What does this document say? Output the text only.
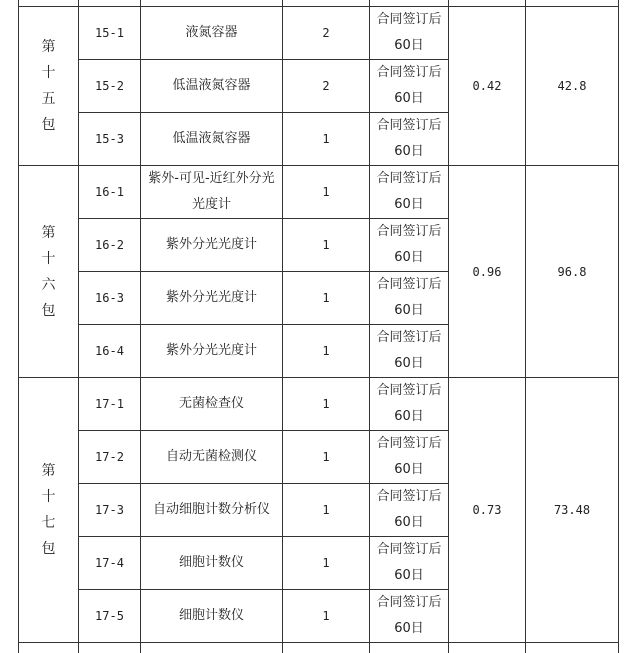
第十五包	15-1	液氮容器	2	合同签订后
60日	0.42	42.8
	15-2	低温液氮容器	2	合同签订后
60日		

	15-3	低温液氮容器	1	合同签订后
60日		

第十六包	16-1	紫外-可见-近红外分光光度计	1	合同签订后
60日	0.96	96.8
	16-2	紫外分光光度计	1	合同签订后
60日		

	16-3	紫外分光光度计	1	合同签订后
60日		

	16-4	紫外分光光度计	1	合同签订后
60日		

第十七包	17-1	无菌检查仪	1	合同签订后
60日	0.73	73.48
	17-2	自动无菌检测仪	1	合同签订后
60日		

	17-3	自动细胞计数分析仪	1	合同签订后
60日		

	17-4	细胞计数仪	1	合同签订后
60日		

	17-5	细胞计数仪	1	合同签订后
60日		
